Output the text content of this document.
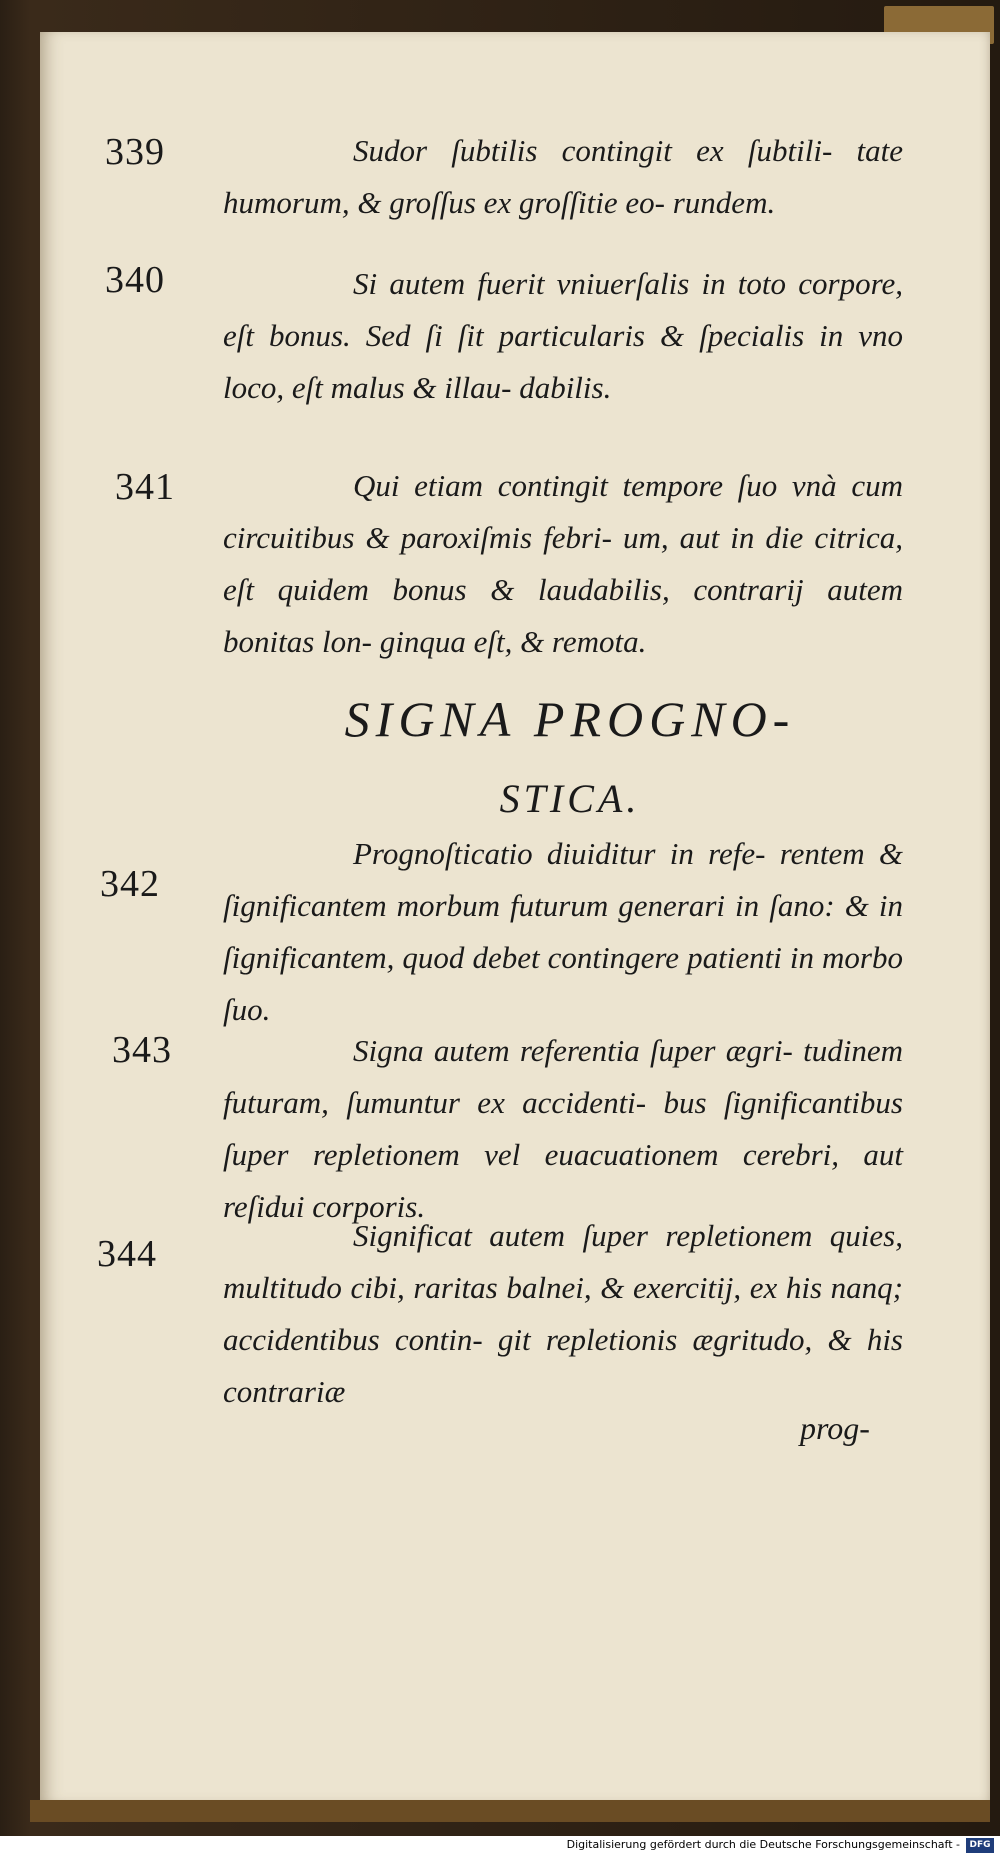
339	Sudor ſubtilis contingit ex ſubtili- tate humorum, & groſſus ex groſſitie eo- rundem.
340	Si autem fuerit vniuerſalis in toto corpore, eſt bonus. Sed ſi ſit particularis & ſpecialis in vno loco, eſt malus & illau- dabilis.
341	Qui etiam contingit tempore ſuo vnà cum circuitibus & paroxiſmis febri- um, aut in die citrica, eſt quidem bonus & laudabilis, contrarij autem bonitas lon- ginqua eſt, & remota.
SIGNA PROGNO-
STICA.
342
Prognoſticatio diuiditur in refe- rentem & ſignificantem morbum futurum generari in ſano: & in ſignificantem, quod debet contingere patienti in morbo ſuo.
343	Signa autem referentia ſuper ægri- tudinem futuram, ſumuntur ex accidenti- bus ſignificantibus ſuper repletionem vel euacuationem cerebri, aut reſidui corporis.
344	Significat autem ſuper repletionem quies, multitudo cibi, raritas balnei, & exercitij, ex his nanq; accidentibus contin- git repletionis ægritudo, & his contrariæ
prog-
Digitalisierung gefördert durch die Deutsche Forschungsgemeinschaft -	DFG
